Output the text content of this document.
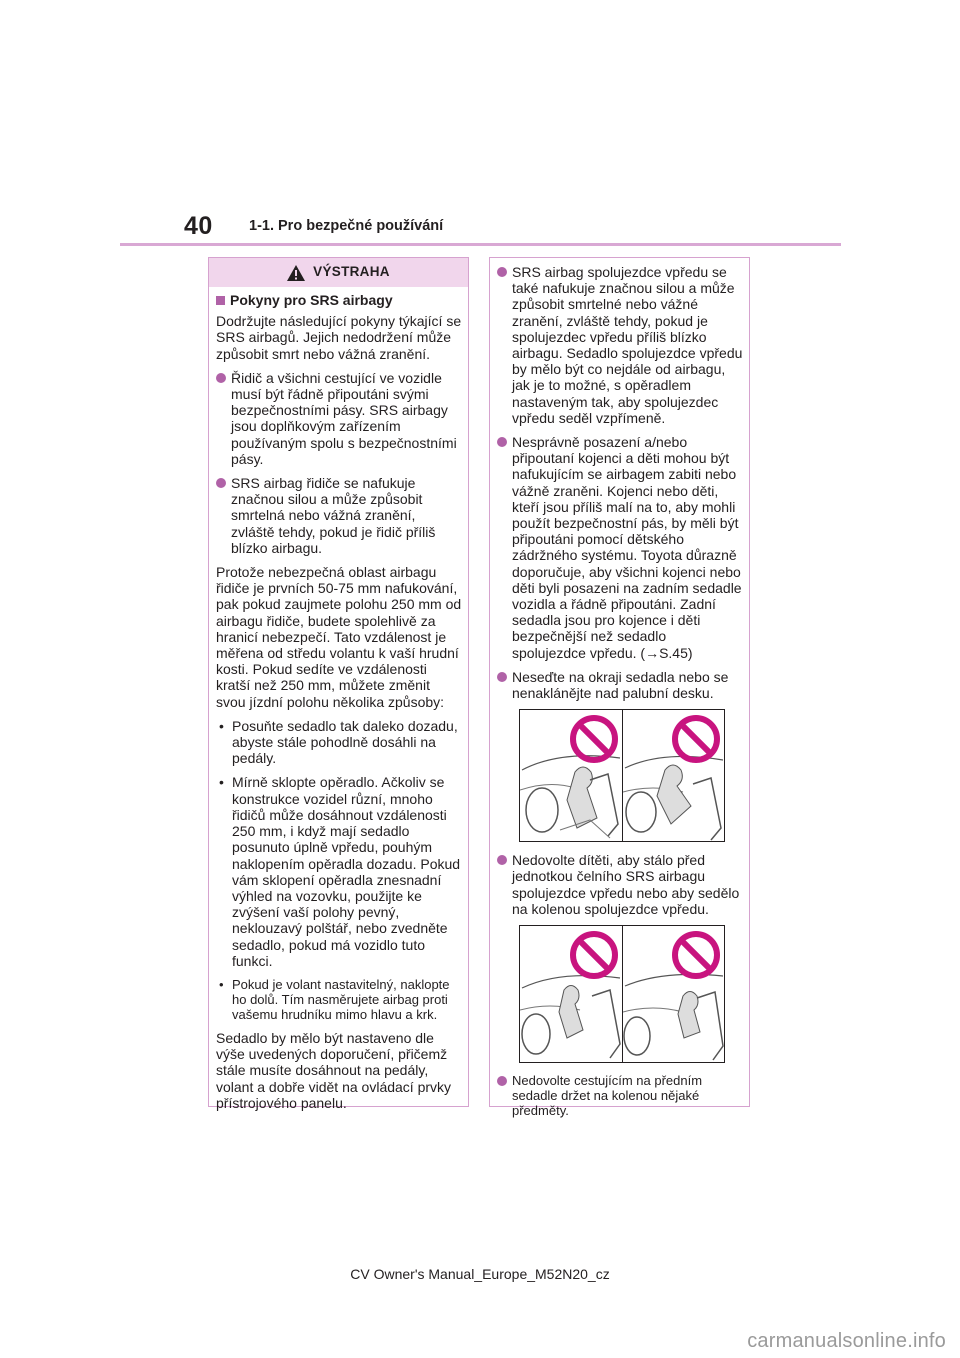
40 1-1. Pro bezpečné používání
VÝSTRAHA
Pokyny pro SRS airbagy

Dodržujte následující pokyny týkající se SRS airbagů. Jejich nedodržení může způsobit smrt nebo vážná zranění.

Řidič a všichni cestující ve vozidle musí být řádně připoutáni svými bezpečnostními pásy. SRS airbagy jsou doplňkovým zařízením používaným spolu s bezpečnostními pásy.
SRS airbag řidiče se nafukuje značnou silou a může způsobit smrtelná nebo vážná zranění, zvláště tehdy, pokud je řidič příliš blízko airbagu.

Protože nebezpečná oblast airbagu řidiče je prvních 50-75 mm nafukování, pak pokud zaujmete polohu 250 mm od airbagu řidiče, budete spolehlivě za hranicí nebezpečí. Tato vzdálenost je měřena od středu volantu k vaší hrudní kosti. Pokud sedíte ve vzdálenosti kratší než 250 mm, můžete změnit svou jízdní polohu několika způsoby:

• Posuňte sedadlo tak daleko dozadu, abyste stále pohodlně dosáhli na pedály.
• Mírně sklopte opěradlo. Ačkoliv se konstrukce vozidel různí, mnoho řidičů může dosáhnout vzdálenosti 250 mm, i když mají sedadlo posunuto úplně vpředu, pouhým naklopením opěradla dozadu. Pokud vám sklopení opěradla znesnadní výhled na vozovku, použijte ke zvýšení vaší polohy pevný, neklouzavý polštář, nebo zvedněte sedadlo, pokud má vozidlo tuto funkci.
• Pokud je volant nastavitelný, naklopte ho dolů. Tím nasměrujete airbag proti vašemu hrudníku mimo hlavu a krk.

Sedadlo by mělo být nastaveno dle výše uvedených doporučení, přičemž stále musíte dosáhnout na pedály, volant a dobře vidět na ovládací prvky přístrojového panelu.

SRS airbag spolujezdce vpředu se také nafukuje značnou silou a může způsobit smrtelné nebo vážné zranění, zvláště tehdy, pokud je spolujezdec vpředu příliš blízko airbagu. Sedadlo spolujezdce vpředu by mělo být co nejdále od airbagu, jak je to možné, s opěradlem nastaveným tak, aby spolujezdec vpředu seděl vzpřímeně.
Nesprávně posazení a/nebo připoutaní kojenci a děti mohou být nafukujícím se airbagem zabiti nebo vážně zraněni. Kojenci nebo děti, kteří jsou příliš malí na to, aby mohli použít bezpečnostní pás, by měli být připoutáni pomocí dětského zádržného systému. Toyota důrazně doporučuje, aby všichni kojenci nebo děti byli posazeni na zadním sedadle vozidla a řádně připoutáni. Zadní sedadla jsou pro kojence i děti bezpečnější než sedadlo spolujezdce vpředu. (→S.45)
Neseďte na okraji sedadla nebo se nenaklánějte nad palubní desku.
Nedovolte dítěti, aby stálo před jednotkou čelního SRS airbagu spolujezdce vpředu nebo aby sedělo na kolenou spolujezdce vpředu.
Nedovolte cestujícím na předním sedadle držet na kolenou nějaké předměty.
CV Owner's Manual_Europe_M52N20_cz
carmanualsonline.info
